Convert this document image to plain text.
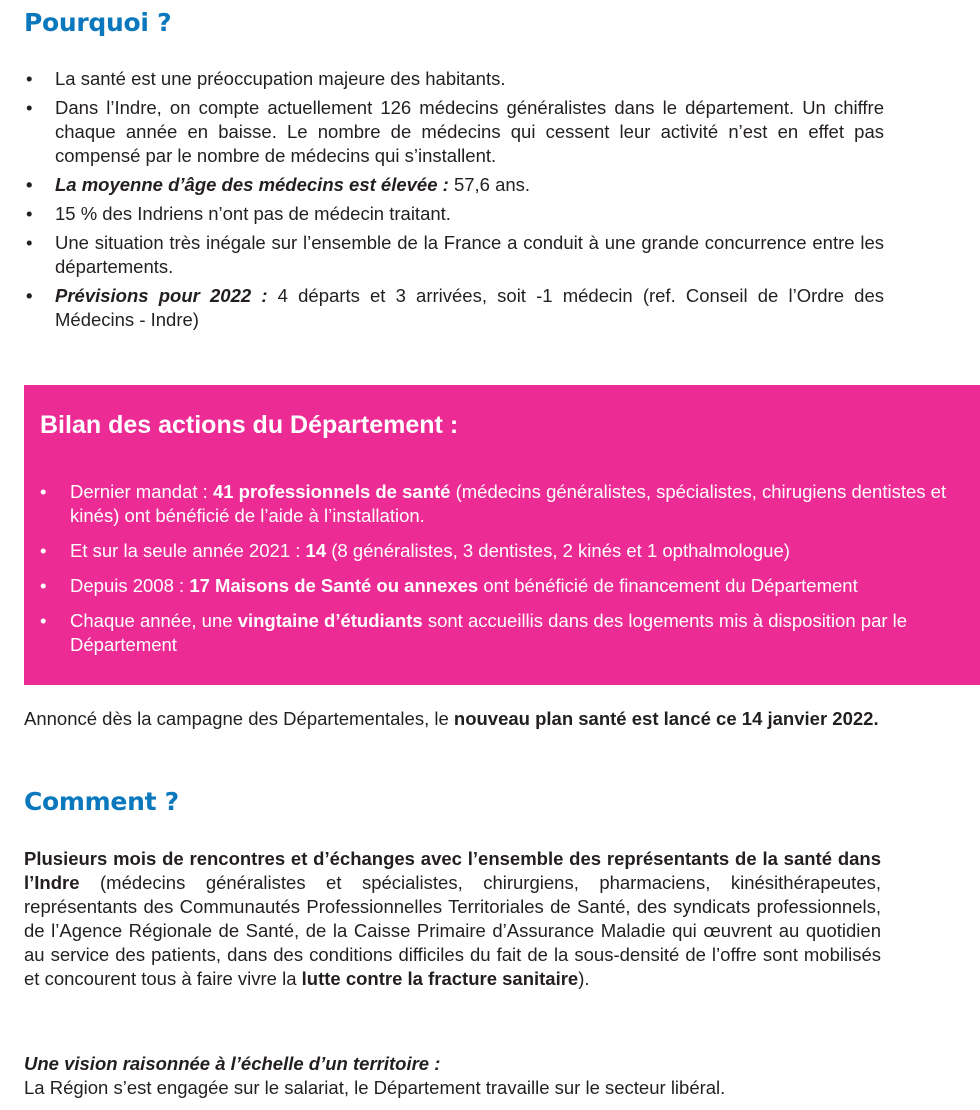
Pourquoi ?
• La santé est une préoccupation majeure des habitants.
• Dans l’Indre, on compte actuellement 126 médecins généralistes dans le département. Un chiffre chaque année en baisse. Le nombre de médecins qui cessent leur activité n’est en effet pas compensé par le nombre de médecins qui s’installent.
• La moyenne d’âge des médecins est élevée : 57,6 ans.
• 15 % des Indriens n’ont pas de médecin traitant.
• Une situation très inégale sur l’ensemble de la France a conduit à une grande concurrence entre les départements.
• Prévisions pour 2022 : 4 départs et 3 arrivées, soit -1 médecin (ref. Conseil de l’Ordre des Médecins - Indre)
Bilan des actions du Département :
• Dernier mandat : 41 professionnels de santé (médecins généralistes, spécialistes, chirugiens dentistes et kinés) ont bénéficié de l’aide à l’installation.
• Et sur la seule année 2021 : 14 (8 généralistes, 3 dentistes, 2 kinés et 1 opthalmologue)
• Depuis 2008 : 17 Maisons de Santé ou annexes ont bénéficié de financement du Département
• Chaque année, une vingtaine d’étudiants sont accueillis dans des logements mis à disposition par le Département

Annoncé dès la campagne des Départementales, le nouveau plan santé est lancé ce 14 janvier 2022.

Comment ?

Plusieurs mois de rencontres et d’échanges avec l’ensemble des représentants de la santé dans l’Indre (médecins généralistes et spécialistes, chirurgiens, pharmaciens, kinésithérapeutes, représentants des Communautés Professionnelles Territoriales de Santé, des syndicats professionnels, de l’Agence Régionale de Santé, de la Caisse Primaire d’Assurance Maladie qui œuvrent au quotidien au service des patients, dans des conditions difficiles du fait de la sous-densité de l’offre sont mobilisés et concourent tous à faire vivre la lutte contre la fracture sanitaire).

Une vision raisonnée à l’échelle d’un territoire :
La Région s’est engagée sur le salariat, le Département travaille sur le secteur libéral.
